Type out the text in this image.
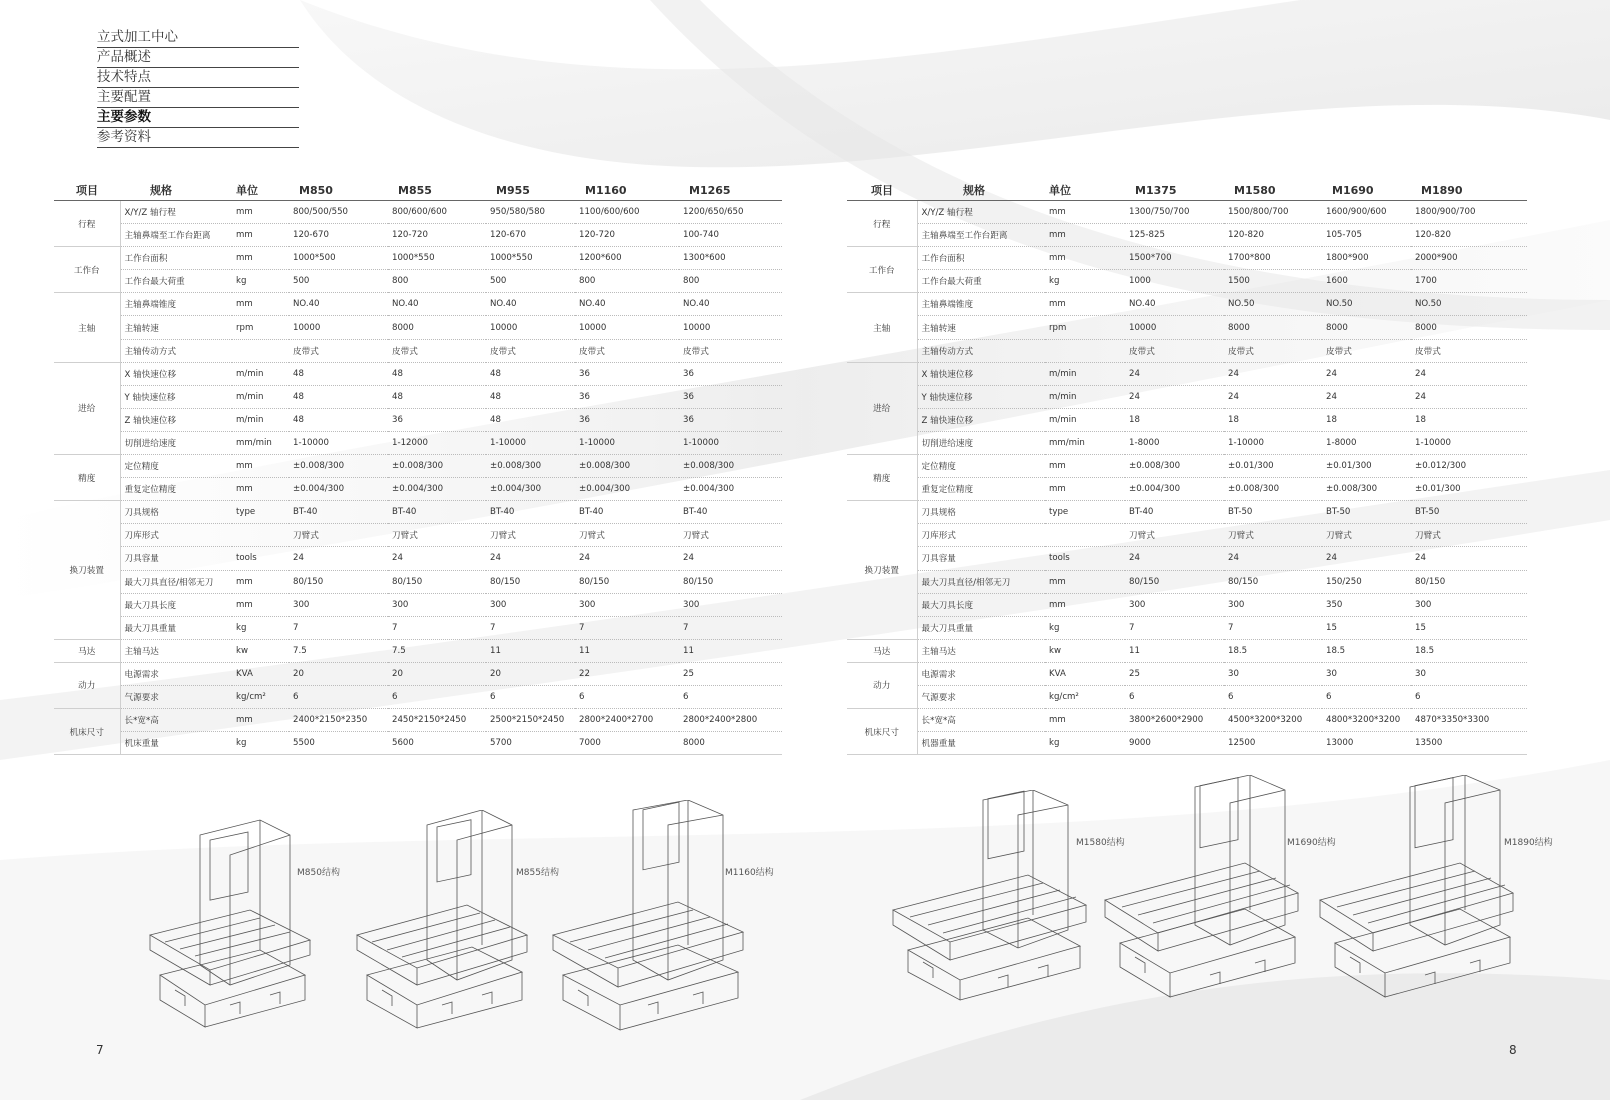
立式加工中心
产品概述
技术特点
主要配置
主要参数
参考资料
项目	规格	单位	M850	M855	M955	M1160	M1265
行程	X/Y/Z 轴行程	mm	800/500/550	800/600/600	950/580/580	1100/600/600	1200/650/650
	主轴鼻端至工作台距离	mm	120-670	120-720	120-670	120-720	100-740
工作台	工作台面积	mm	1000*500	1000*550	1000*550	1200*600	1300*600
	工作台最大荷重	kg	500	800	500	800	800
主轴	主轴鼻端锥度	mm	NO.40	NO.40	NO.40	NO.40	NO.40
	主轴转速	rpm	10000	8000	10000	10000	10000
	主轴传动方式		皮带式	皮带式	皮带式	皮带式	皮带式
进给	X 轴快速位移	m/min	48	48	48	36	36
	Y 轴快速位移	m/min	48	48	48	36	36
	Z 轴快速位移	m/min	48	36	48	36	36
	切削进给速度	mm/min	1-10000	1-12000	1-10000	1-10000	1-10000
精度	定位精度	mm	±0.008/300	±0.008/300	±0.008/300	±0.008/300	±0.008/300
	重复定位精度	mm	±0.004/300	±0.004/300	±0.004/300	±0.004/300	±0.004/300
换刀装置	刀具规格	type	BT-40	BT-40	BT-40	BT-40	BT-40
	刀库形式		刀臂式	刀臂式	刀臂式	刀臂式	刀臂式
	刀具容量	tools	24	24	24	24	24
	最大刀具直径/相邻无刀	mm	80/150	80/150	80/150	80/150	80/150
	最大刀具长度	mm	300	300	300	300	300
	最大刀具重量	kg	7	7	7	7	7
马达	主轴马达	kw	7.5	7.5	11	11	11
动力	电源需求	KVA	20	20	20	22	25
	气源要求	kg/cm²	6	6	6	6	6
机床尺寸	长*宽*高	mm	2400*2150*2350	2450*2150*2450	2500*2150*2450	2800*2400*2700	2800*2400*2800
	机床重量	kg	5500	5600	5700	7000	8000
项目	规格	单位	M1375	M1580	M1690	M1890
行程	X/Y/Z 轴行程	mm	1300/750/700	1500/800/700	1600/900/600	1800/900/700
	主轴鼻端至工作台距离	mm	125-825	120-820	105-705	120-820
工作台	工作台面积	mm	1500*700	1700*800	1800*900	2000*900
	工作台最大荷重	kg	1000	1500	1600	1700
主轴	主轴鼻端锥度	mm	NO.40	NO.50	NO.50	NO.50
	主轴转速	rpm	10000	8000	8000	8000
	主轴传动方式		皮带式	皮带式	皮带式	皮带式
进给	X 轴快速位移	m/min	24	24	24	24
	Y 轴快速位移	m/min	24	24	24	24
	Z 轴快速位移	m/min	18	18	18	18
	切削进给速度	mm/min	1-8000	1-10000	1-8000	1-10000
精度	定位精度	mm	±0.008/300	±0.01/300	±0.01/300	±0.012/300
	重复定位精度	mm	±0.004/300	±0.008/300	±0.008/300	±0.01/300
换刀装置	刀具规格	type	BT-40	BT-50	BT-50	BT-50
	刀库形式		刀臂式	刀臂式	刀臂式	刀臂式
	刀具容量	tools	24	24	24	24
	最大刀具直径/相邻无刀	mm	80/150	80/150	150/250	80/150
	最大刀具长度	mm	300	300	350	300
	最大刀具重量	kg	7	7	15	15
马达	主轴马达	kw	11	18.5	18.5	18.5
动力	电源需求	KVA	25	30	30	30
	气源要求	kg/cm²	6	6	6	6
机床尺寸	长*宽*高	mm	3800*2600*2900	4500*3200*3200	4800*3200*3200	4870*3350*3300
	机器重量	kg	9000	12500	13000	13500
M850结构	M855结构	M1160结构
M1580结构	M1690结构	M1890结构
7	8
